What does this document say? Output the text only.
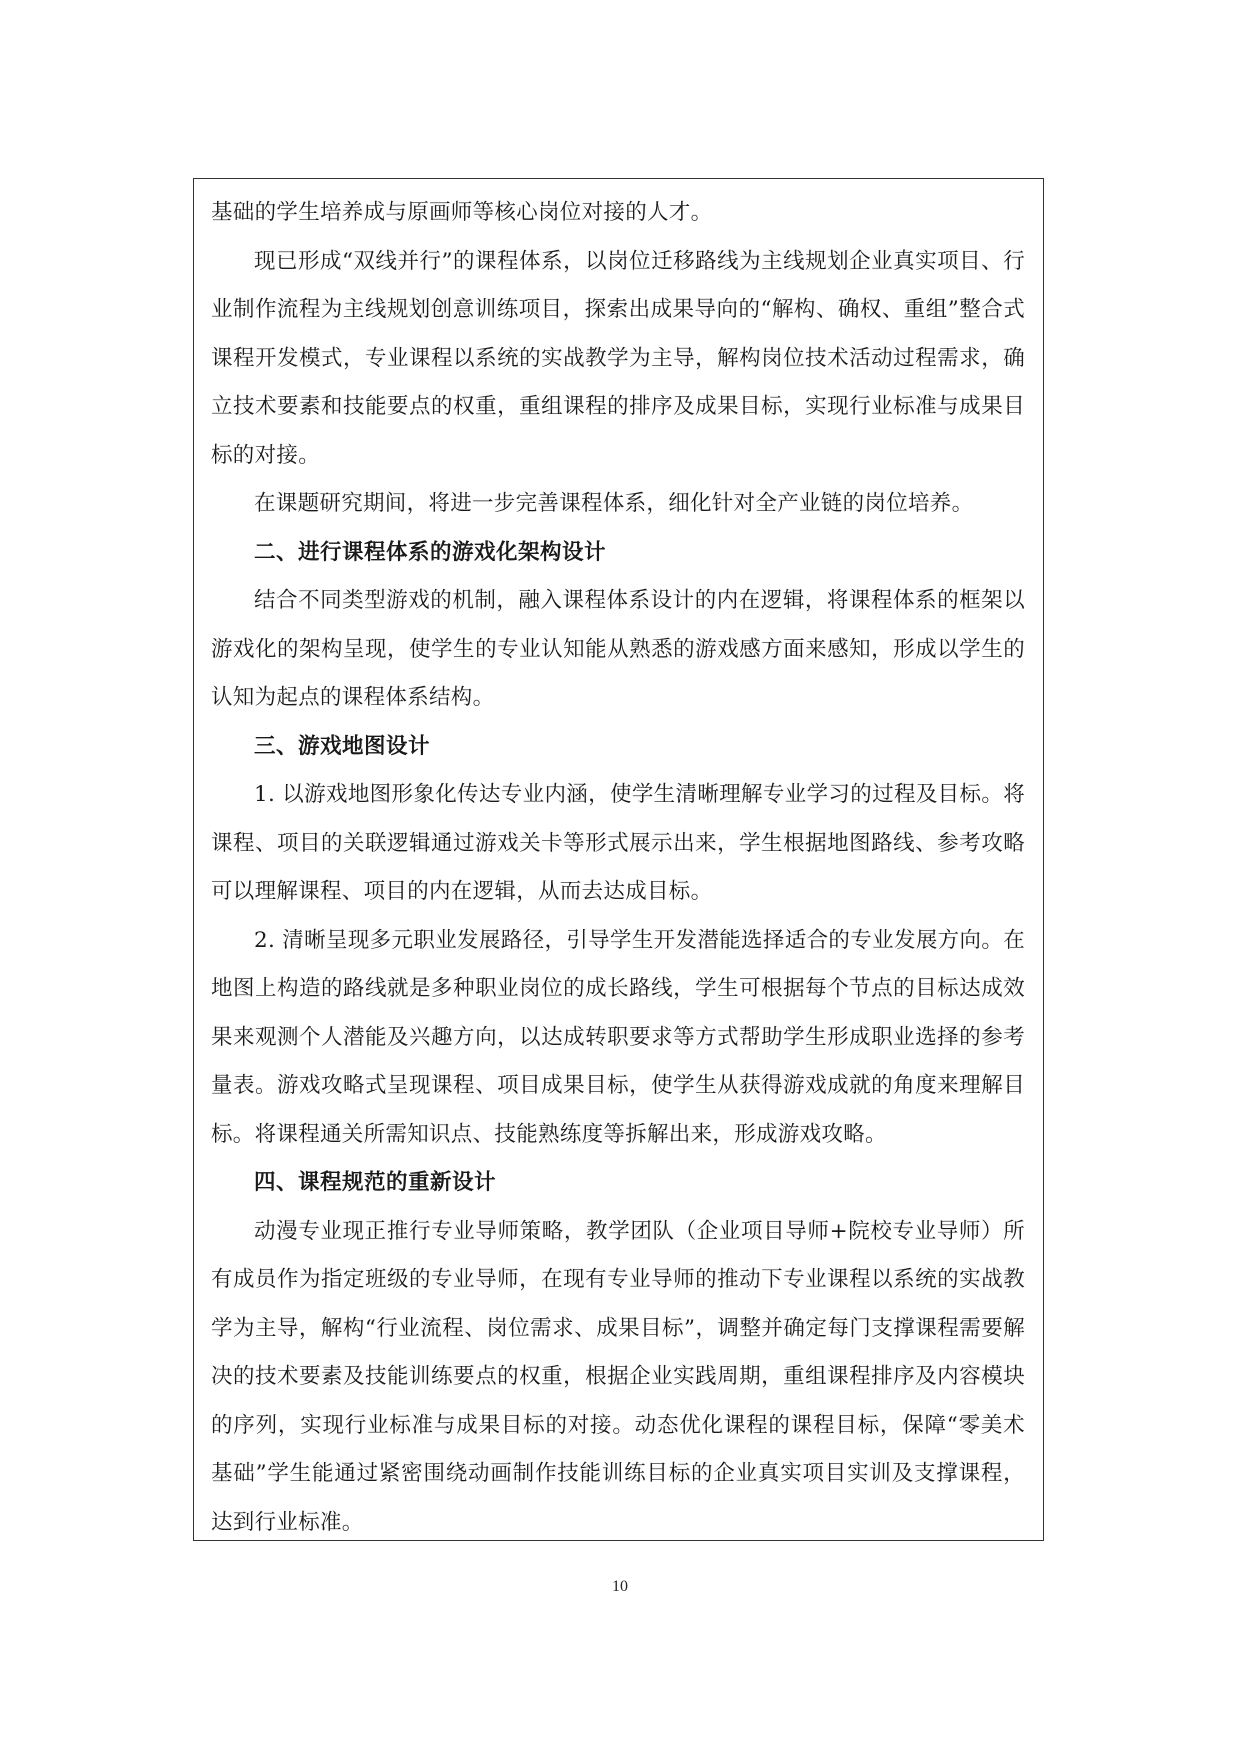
基础的学生培养成与原画师等核心岗位对接的人才。

现已形成“双线并行”的课程体系，以岗位迁移路线为主线规划企业真实项目、行业制作流程为主线规划创意训练项目，探索出成果导向的“解构、确权、重组”整合式课程开发模式，专业课程以系统的实战教学为主导，解构岗位技术活动过程需求，确立技术要素和技能要点的权重，重组课程的排序及成果目标，实现行业标准与成果目标的对接。

在课题研究期间，将进一步完善课程体系，细化针对全产业链的岗位培养。

二、进行课程体系的游戏化架构设计

结合不同类型游戏的机制，融入课程体系设计的内在逻辑，将课程体系的框架以游戏化的架构呈现，使学生的专业认知能从熟悉的游戏感方面来感知，形成以学生的认知为起点的课程体系结构。

三、游戏地图设计

1. 以游戏地图形象化传达专业内涵，使学生清晰理解专业学习的过程及目标。将课程、项目的关联逻辑通过游戏关卡等形式展示出来，学生根据地图路线、参考攻略可以理解课程、项目的内在逻辑，从而去达成目标。

2. 清晰呈现多元职业发展路径，引导学生开发潜能选择适合的专业发展方向。在地图上构造的路线就是多种职业岗位的成长路线，学生可根据每个节点的目标达成效果来观测个人潜能及兴趣方向，以达成转职要求等方式帮助学生形成职业选择的参考量表。游戏攻略式呈现课程、项目成果目标，使学生从获得游戏成就的角度来理解目标。将课程通关所需知识点、技能熟练度等拆解出来，形成游戏攻略。

四、课程规范的重新设计

动漫专业现正推行专业导师策略，教学团队（企业项目导师+院校专业导师）所有成员作为指定班级的专业导师，在现有专业导师的推动下专业课程以系统的实战教学为主导，解构“行业流程、岗位需求、成果目标”，调整并确定每门支撑课程需要解决的技术要素及技能训练要点的权重，根据企业实践周期，重组课程排序及内容模块的序列，实现行业标准与成果目标的对接。动态优化课程的课程目标，保障“零美术基础”学生能通过紧密围绕动画制作技能训练目标的企业真实项目实训及支撑课程，达到行业标准。

10
